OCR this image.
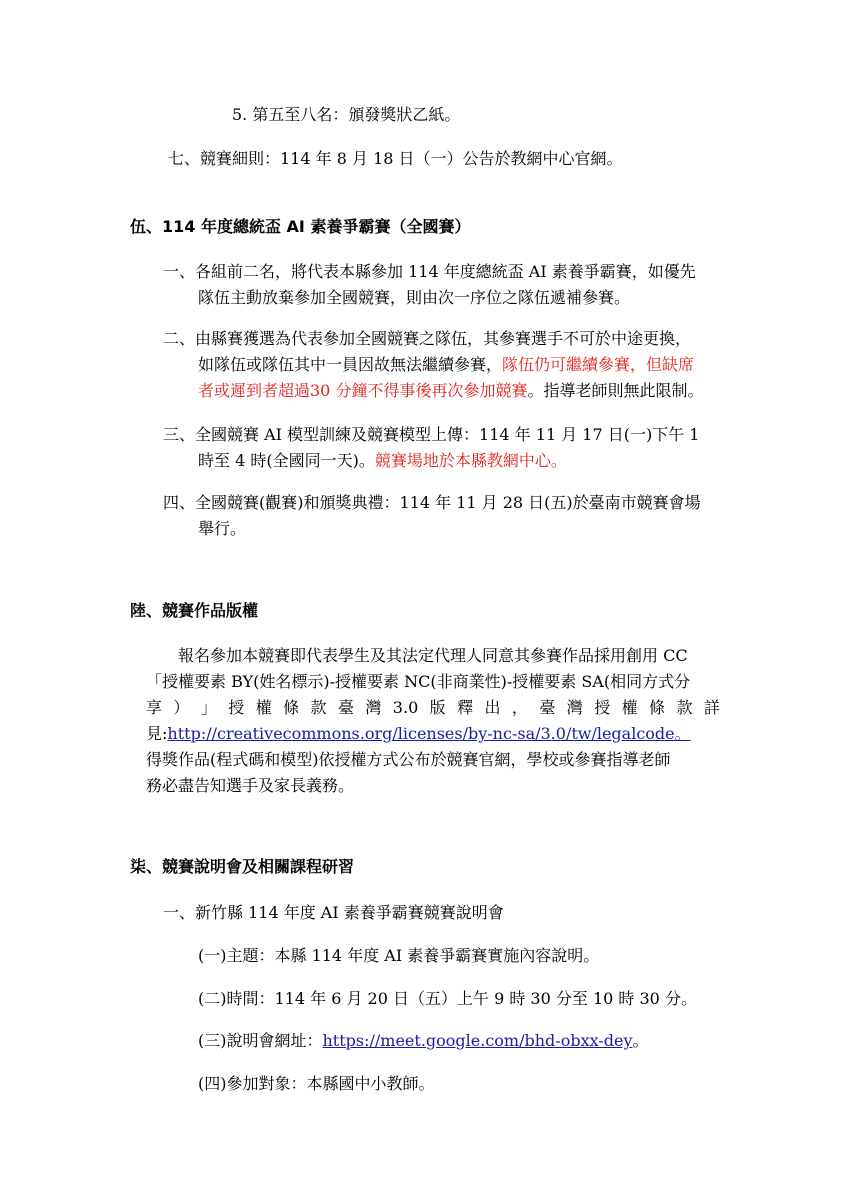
5. 第五至八名：頒發獎狀乙紙。
七、競賽細則：114 年 8 月 18 日（一）公告於教網中心官網。
伍、114 年度總統盃 AI 素養爭霸賽（全國賽）
一、各組前二名，將代表本縣參加 114 年度總統盃 AI 素養爭霸賽，如優先
隊伍主動放棄參加全國競賽，則由次一序位之隊伍遞補參賽。
二、由縣賽獲選為代表參加全國競賽之隊伍，其參賽選手不可於中途更換，
如隊伍或隊伍其中一員因故無法繼續參賽，隊伍仍可繼續參賽，但缺席
者或遲到者超過30 分鐘不得事後再次參加競賽。指導老師則無此限制。
三、全國競賽 AI 模型訓練及競賽模型上傳：114 年 11 月 17 日(一)下午 1
時至 4 時(全國同一天)。競賽場地於本縣教網中心。
四、全國競賽(觀賽)和頒獎典禮：114 年 11 月 28 日(五)於臺南市競賽會場
舉行。
陸、競賽作品版權
報名參加本競賽即代表學生及其法定代理人同意其參賽作品採用創用 CC
「授權要素 BY(姓名標示)-授權要素 NC(非商業性)-授權要素 SA(相同方式分
享 ） 」 授 權 條 款 臺 灣 3.0 版 釋 出 ， 臺 灣 授 權 條 款 詳
見:http://creativecommons.org/licenses/by-nc-sa/3.0/tw/legalcode。
得獎作品(程式碼和模型)依授權方式公布於競賽官網，學校或參賽指導老師
務必盡告知選手及家長義務。
柒、競賽說明會及相關課程研習
一、新竹縣 114 年度 AI 素養爭霸賽競賽說明會
(一)主題：本縣 114 年度 AI 素養爭霸賽實施內容說明。
(二)時間：114 年 6 月 20 日（五）上午 9 時 30 分至 10 時 30 分。
(三)說明會網址：https://meet.google.com/bhd-obxx-dey。
(四)參加對象：本縣國中小教師。
